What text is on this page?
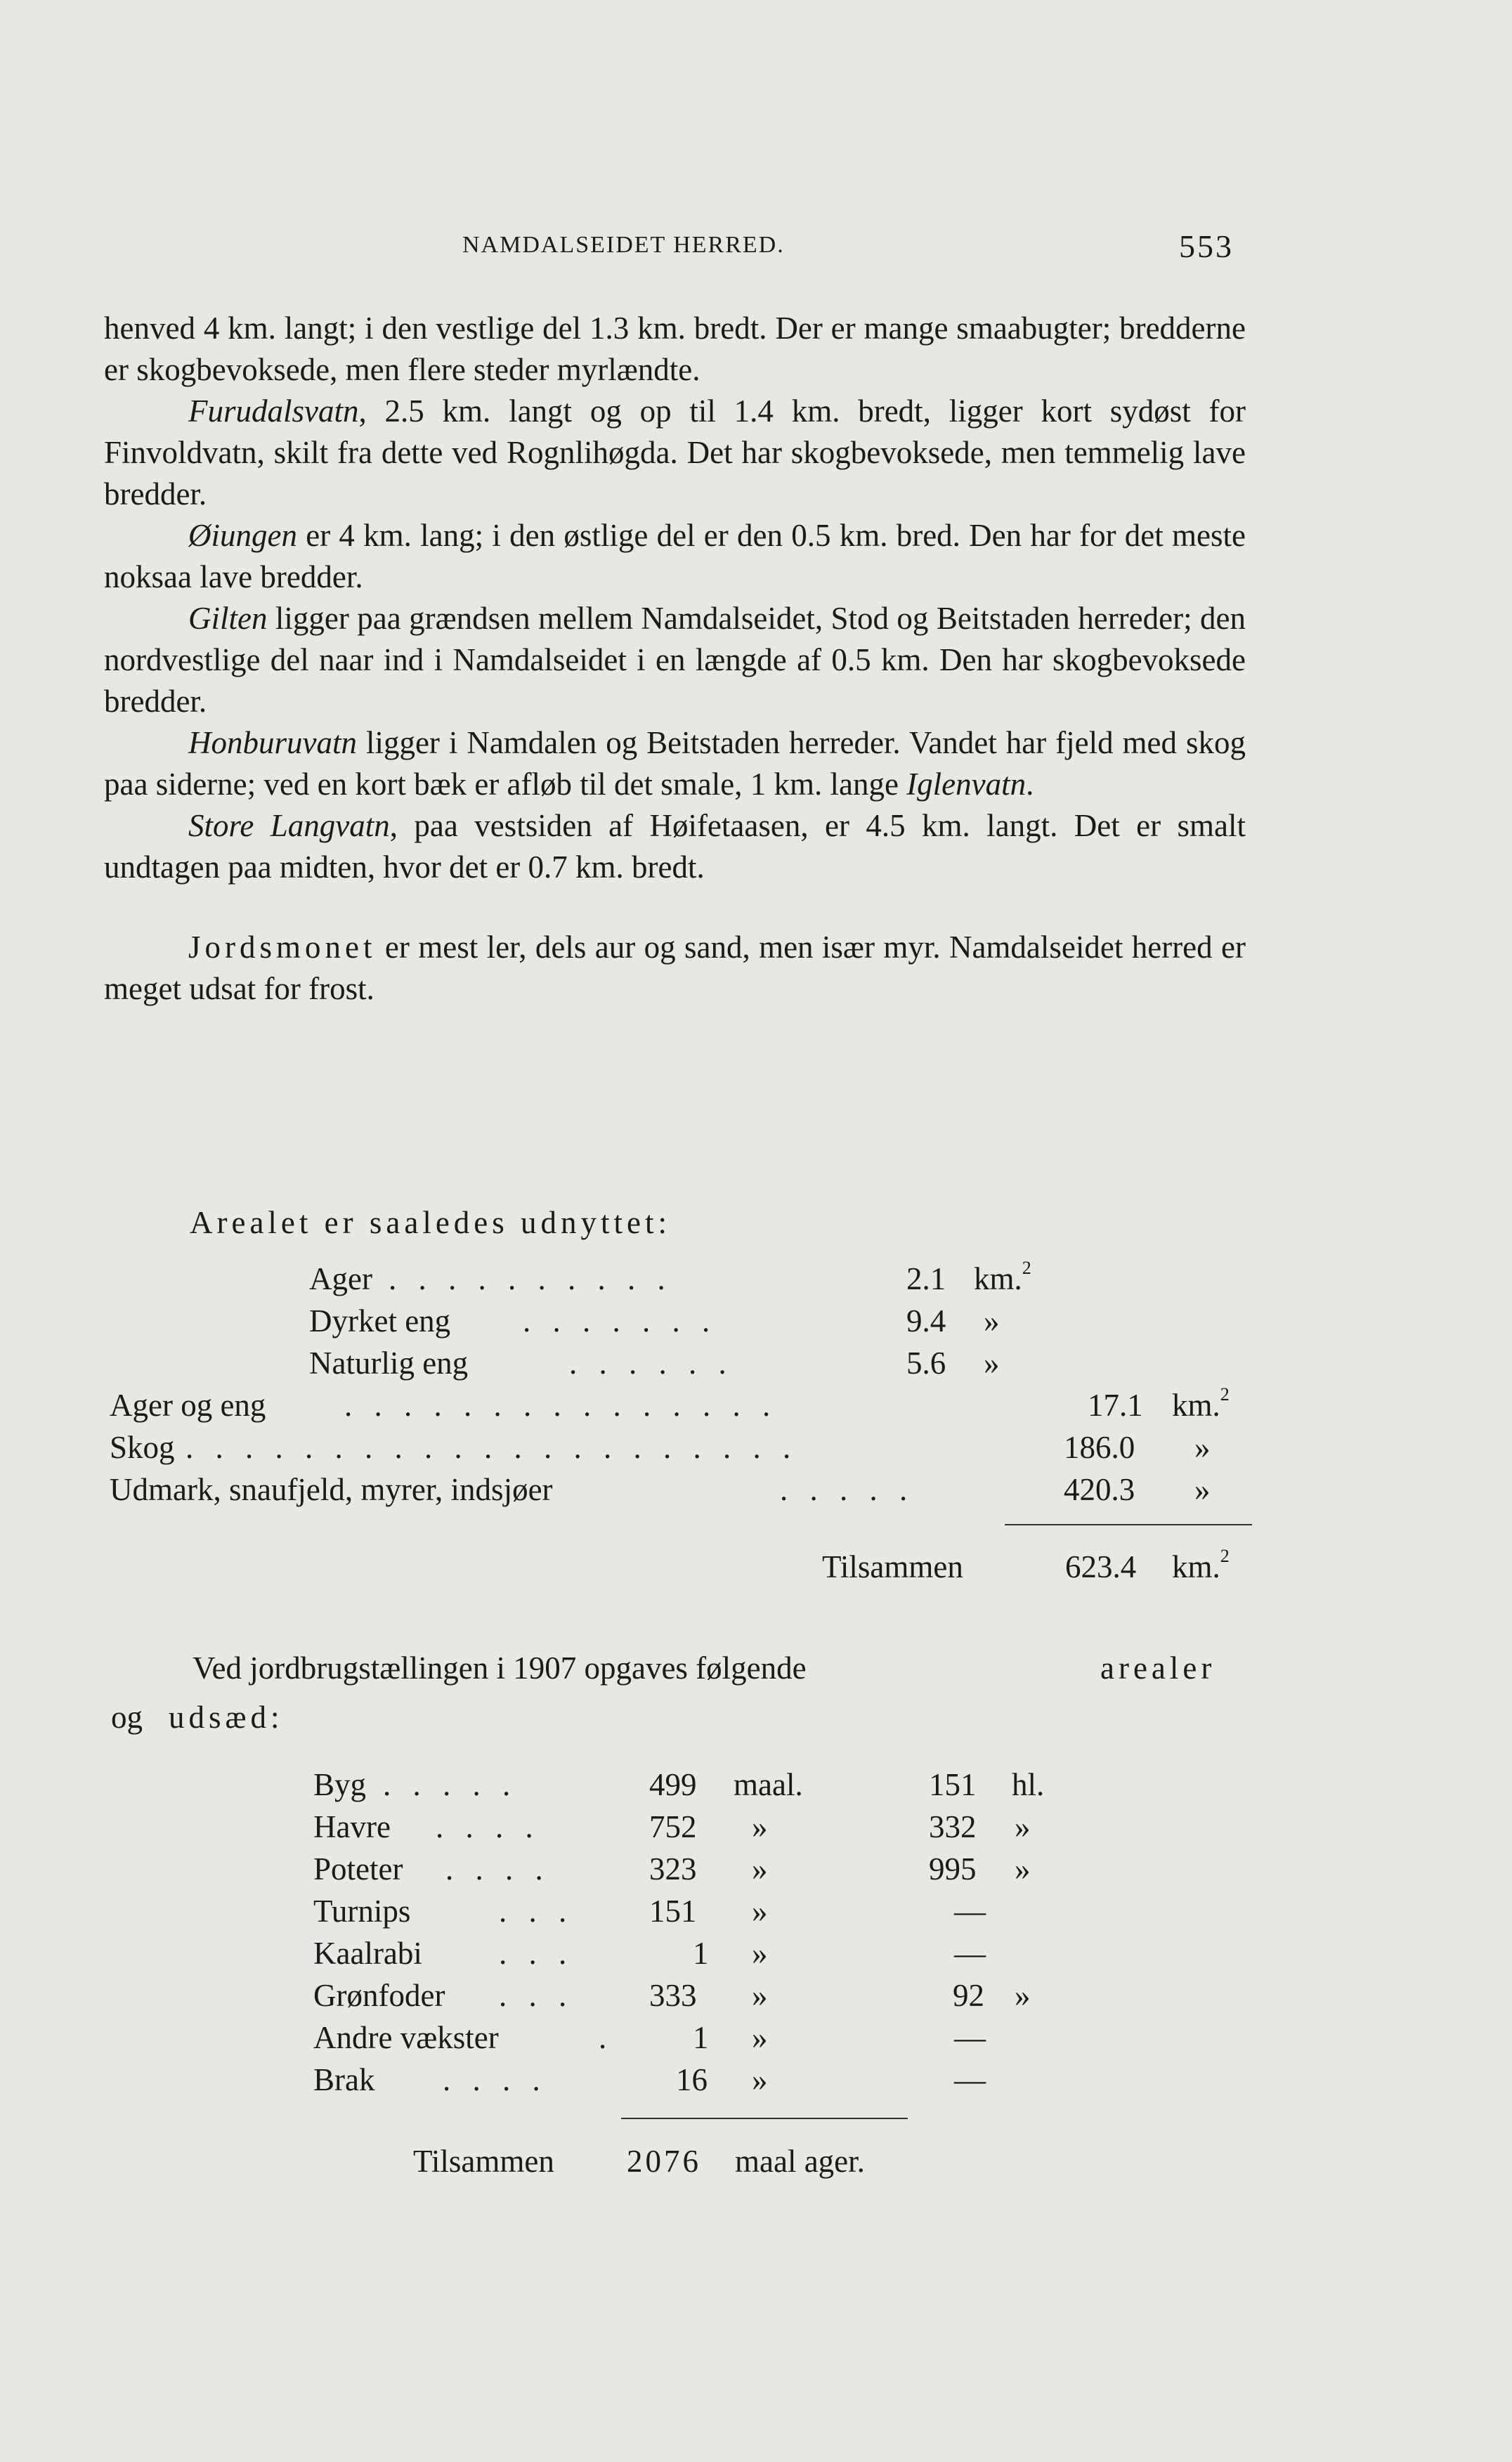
NAMDALSEIDET HERRED.	553

henved 4 km. langt; i den vestlige del 1.3 km. bredt. Der er mange smaabugter; bredderne er skogbevoksede, men flere steder myrlændte.

Furudalsvatn, 2.5 km. langt og op til 1.4 km. bredt, ligger kort sydøst for Finvoldvatn, skilt fra dette ved Rognlihøgda. Det har skogbevoksede, men temmelig lave bredder.

Øiungen er 4 km. lang; i den østlige del er den 0.5 km. bred. Den har for det meste noksaa lave bredder.

Gilten ligger paa grændsen mellem Namdalseidet, Stod og Beitstaden herreder; den nordvestlige del naar ind i Namdalseidet i en længde af 0.5 km. Den har skogbevoksede bredder.

Honburuvatn ligger i Namdalen og Beitstaden herreder. Vandet har fjeld med skog paa siderne; ved en kort bæk er afløb til det smale, 1 km. lange Iglenvatn.

Store Langvatn, paa vestsiden af Høifetaasen, er 4.5 km. langt. Det er smalt undtagen paa midten, hvor det er 0.7 km. bredt.

Jordsmonet er mest ler, dels aur og sand, men især myr. Namdalseidet herred er meget udsat for frost.

Arealet er saaledes udnyttet:
Ager . . . . . . . . . .	2.1 km.$^2$
Dyrket eng . . . . . . .	9.4 »
Naturlig eng	. . . . . .	5.6 »
Ager og eng . . . . . . . . . . . . . . .	17.1 km.$^2$
Skog . . . . . . . . . . . . . . . . . . . . .	186.0 »
Udmark, snaufjeld, myrer, indsjøer	. . . . .	420.3 »
Tilsammen	623.4 km.$^2$
Ved jordbrugstællingen i 1907 opgaves følgende	arealer
og udsæd:
Byg . . . . .	499 maal.	151 hl.
Havre . . . .	752 »	332 »
Poteter . . . .	323 »	995 »
Turnips	. . . 151 »	—
Kaalrabi . . .	1 »	—
Grønfoder . . . 333 »	92 »
Andre vækster	.	1 »	—
Brak . . . .	16 »	—
Tilsammen 2076 maal ager.
